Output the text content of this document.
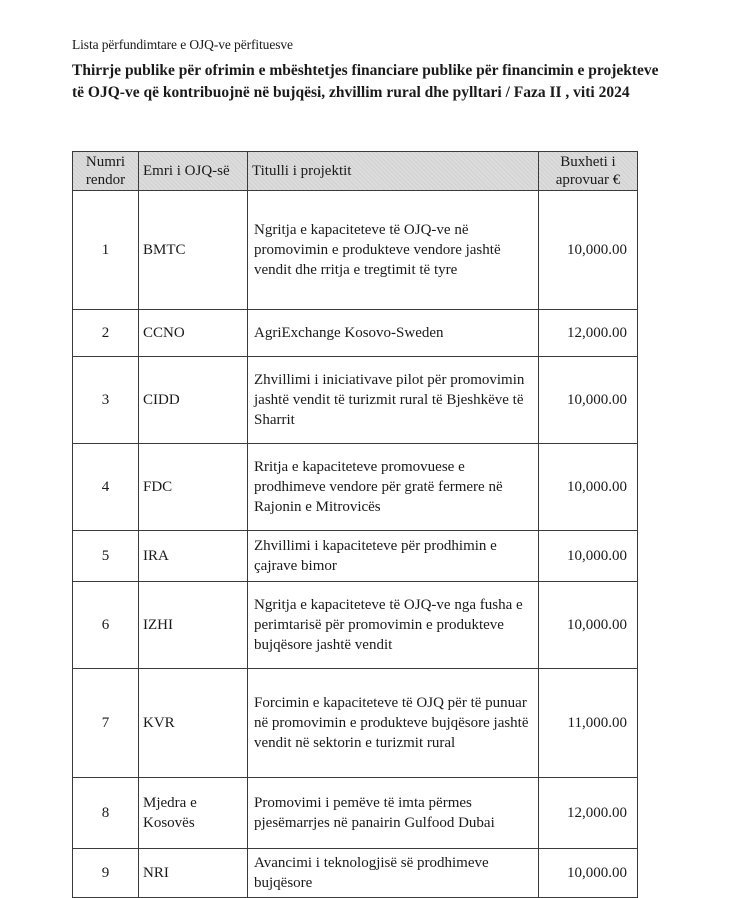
Lista përfundimtare e OJQ-ve përfituesve
Thirrje publike për ofrimin e mbështetjes financiare publike për financimin e projekteve të OJQ-ve që kontribuojnë në bujqësi, zhvillim rural dhe pylltari / Faza II , viti 2024
Numri rendor	Emri i OJQ-së	Titulli i projektit	Buxheti i aprovuar €
1	BMTC	Ngritja e kapaciteteve të OJQ-ve në promovimin e produkteve vendore jashtë vendit dhe rritja e tregtimit të tyre	10,000.00
2	CCNO	AgriExchange Kosovo-Sweden	12,000.00
3	CIDD	Zhvillimi i iniciativave pilot për promovimin jashtë vendit të turizmit rural të Bjeshkëve të Sharrit	10,000.00
4	FDC	Rritja e kapaciteteve promovuese e prodhimeve vendore për gratë fermere në Rajonin e Mitrovicës	10,000.00
5	IRA	Zhvillimi i kapaciteteve për prodhimin e çajrave bimor	10,000.00
6	IZHI	Ngritja e kapaciteteve të OJQ-ve nga fusha e perimtarisë për promovimin e produkteve bujqësore jashtë vendit	10,000.00
7	KVR	Forcimin e kapaciteteve të OJQ për të punuar në promovimin e produkteve bujqësore jashtë vendit në sektorin e turizmit rural	11,000.00
8	Mjedra e Kosovës	Promovimi i pemëve të imta përmes pjesëmarrjes në panairin Gulfood Dubai	12,000.00
9	NRI	Avancimi i teknologjisë së prodhimeve bujqësore	10,000.00
